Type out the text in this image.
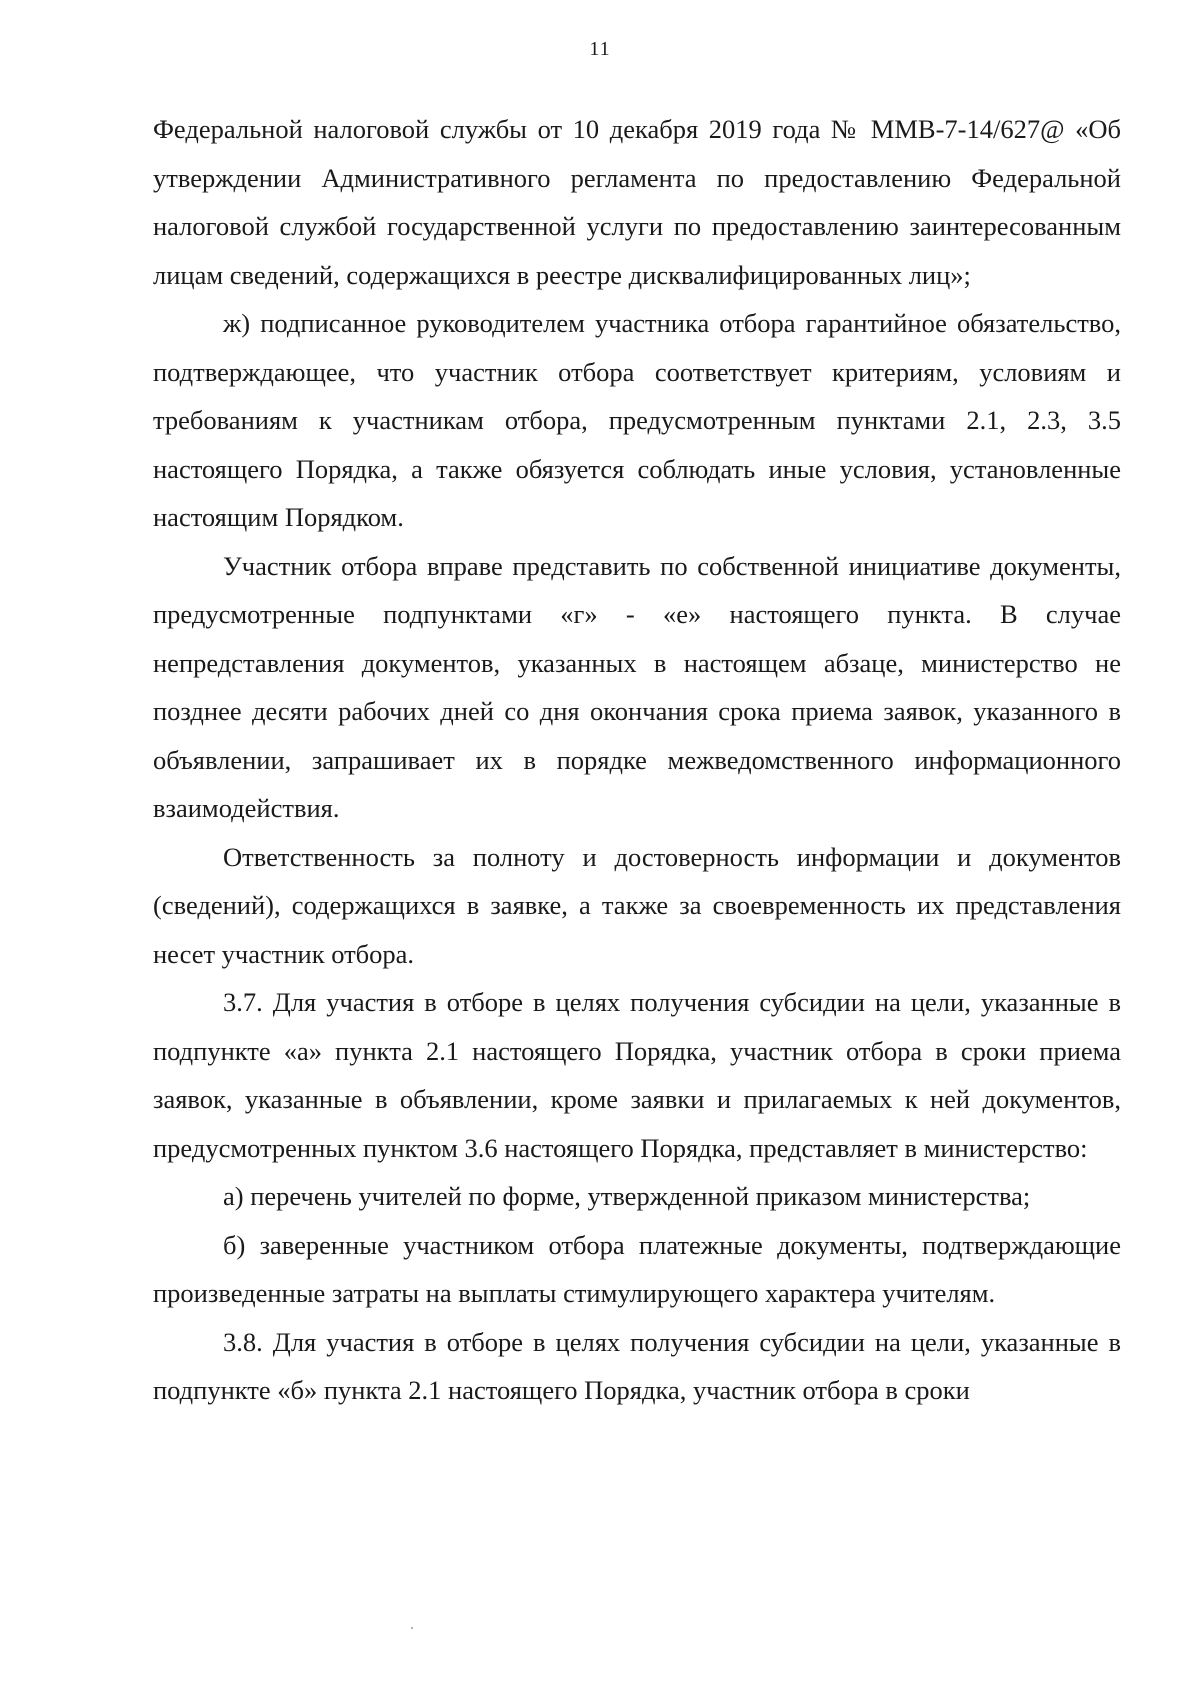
11

Федеральной налоговой службы от 10 декабря 2019 года № ММВ-7-14/627@ «Об утверждении Административного регламента по предоставлению Федеральной налоговой службой государственной услуги по предоставлению заинтересованным лицам сведений, содержащихся в реестре дисквалифицированных лиц»;

ж) подписанное руководителем участника отбора гарантийное обязательство, подтверждающее, что участник отбора соответствует критериям, условиям и требованиям к участникам отбора, предусмотренным пунктами 2.1, 2.3, 3.5 настоящего Порядка, а также обязуется соблюдать иные условия, установленные настоящим Порядком.

Участник отбора вправе представить по собственной инициативе документы, предусмотренные подпунктами «г» - «е» настоящего пункта. В случае непредставления документов, указанных в настоящем абзаце, министерство не позднее десяти рабочих дней со дня окончания срока приема заявок, указанного в объявлении, запрашивает их в порядке межведомственного информационного взаимодействия.

Ответственность за полноту и достоверность информации и документов (сведений), содержащихся в заявке, а также за своевременность их представления несет участник отбора.

3.7. Для участия в отборе в целях получения субсидии на цели, указанные в подпункте «а» пункта 2.1 настоящего Порядка, участник отбора в сроки приема заявок, указанные в объявлении, кроме заявки и прилагаемых к ней документов, предусмотренных пунктом 3.6 настоящего Порядка, представляет в министерство:

а) перечень учителей по форме, утвержденной приказом министерства;

б) заверенные участником отбора платежные документы, подтверждающие произведенные затраты на выплаты стимулирующего характера учителям.

3.8. Для участия в отборе в целях получения субсидии на цели, указанные в подпункте «б» пункта 2.1 настоящего Порядка, участник отбора в сроки
